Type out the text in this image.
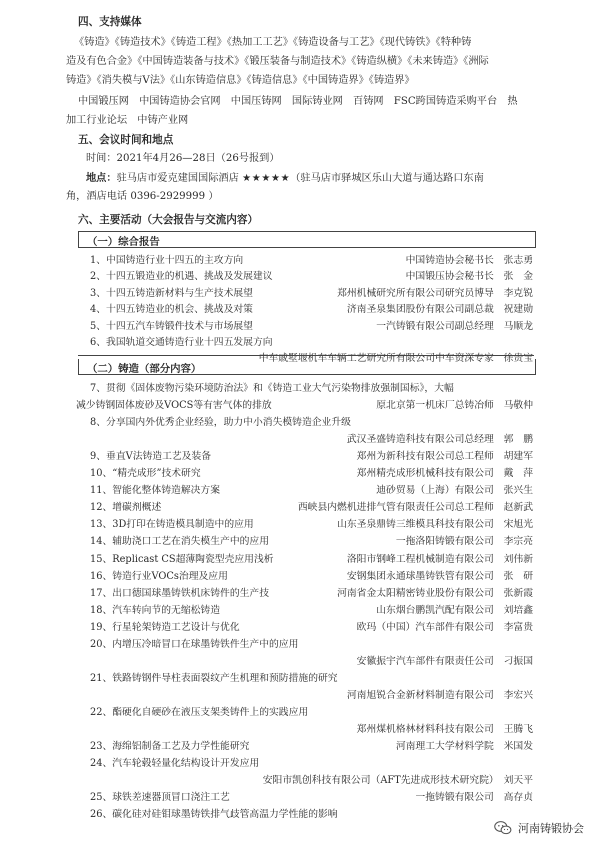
四、支持媒体
《铸造》《铸造技术》《铸造工程》《热加工工艺》《铸造设备与工艺》《现代铸铁》《特种铸
造及有色合金》《中国铸造装备与技术》《锻压装备与制造技术》《铸造纵横》《未来铸造》《洲际
铸造》《消失模与V法》《山东铸造信息》《铸造信息》《中国铸造界》《铸造界》
中国锻压网　中国铸造协会官网　中国压铸网　国际铸业网　百铸网　FSC跨国铸造采购平台　热
加工行业论坛　中铸产业网
五、会议时间和地点
时间：2021年4月26—28日（26号报到）
地点：驻马店市爱克建国国际酒店 ★★★★★（驻马店市驿城区乐山大道与通达路口东南
角，酒店电话 0396-2929999 ）
六、主要活动（大会报告与交流内容）
（一）综合报告
1、中国铸造行业十四五的主攻方向	中国铸造协会秘书长　张志勇
2、十四五锻造业的机遇、挑战及发展建议	中国锻压协会秘书长　张　金
3、十四五铸造新材料与生产技术展望	郑州机械研究所有限公司研究员博导　李克锐
4、十四五铸造业的机会、挑战及对策	济南圣泉集团股份有限公司副总裁　祝建勋
5、十四五汽车铸锻件技术与市场展望	一汽铸锻有限公司副总经理　马顺龙
6、我国轨道交通铸造行业十四五发展方向
中车戚墅堰机车车辆工艺研究所有限公司中车资深专家　徐贵宝
（二）铸造（部分内容）
7、贯彻《固体废物污染环境防治法》和《铸造工业大气污染物排放强制国标》，大幅
减少铸钢固体废砂及VOCS等有害气体的排放	原北京第一机床厂总铸冶师　马敬仲
8、分享国内外优秀企业经验，助力中小消失模铸造企业升级
武汉圣盛铸造科技有限公司总经理　郭　鹏
9、垂直V法铸造工艺及装备	郑州为新科技有限公司总工程师　胡建军
10、“精壳成形”技术研究	郑州精壳成形机械科技有限公司　戴　萍
11、智能化整体铸造解决方案	迪砂贸易（上海）有限公司　张兴生
12、增碳剂概述	西峡县内燃机进排气管有限责任公司总工程师　赵新武
13、3D打印在铸造模具制造中的应用	山东圣泉鼎铸三维模具科技有限公司　宋旭光
14、辅助浇口工艺在消失模生产中的应用	一拖洛阳铸锻有限公司　李宗亮
15、Replicast CS超薄陶瓷型壳应用浅析	洛阳市钢峰工程机械制造有限公司　刘伟新
16、铸造行业VOCs治理及应用	安钢集团永通球墨铸铁管有限公司　张　研
17、出口德国球墨铸铁机床铸件的生产技	河南省金太阳精密铸业股份有限公司　张新霞
18、汽车转向节的无缩松铸造	山东烟台鹏凯汽配有限公司　刘培鑫
19、行星轮架铸造工艺设计与优化	欧玛（中国）汽车部件有限公司　李富贵
20、内增压冷暗冒口在球墨铸铁件生产中的应用
安徽振宇汽车部件有限责任公司　刁振国
21、铁路铸钢件导柱表面裂纹产生机理和预防措施的研究
河南旭锐合金新材料制造有限公司　李宏兴
22、酯硬化自硬砂在液压支架类铸件上的实践应用
郑州煤机格林材料科技有限公司　王腾飞
23、海绵铝制备工艺及力学性能研究	河南理工大学材料学院　米国发
24、汽车轮毂轻量化结构设计开发应用
安阳市凯创科技有限公司（AFT先进成形技术研究院）　刘天平
25、球铁差速器顶冒口浇注工艺	一拖铸锻有限公司　高存贞
26、碳化硅对硅钼球墨铸铁排气歧管高温力学性能的影响
河南铸锻协会
